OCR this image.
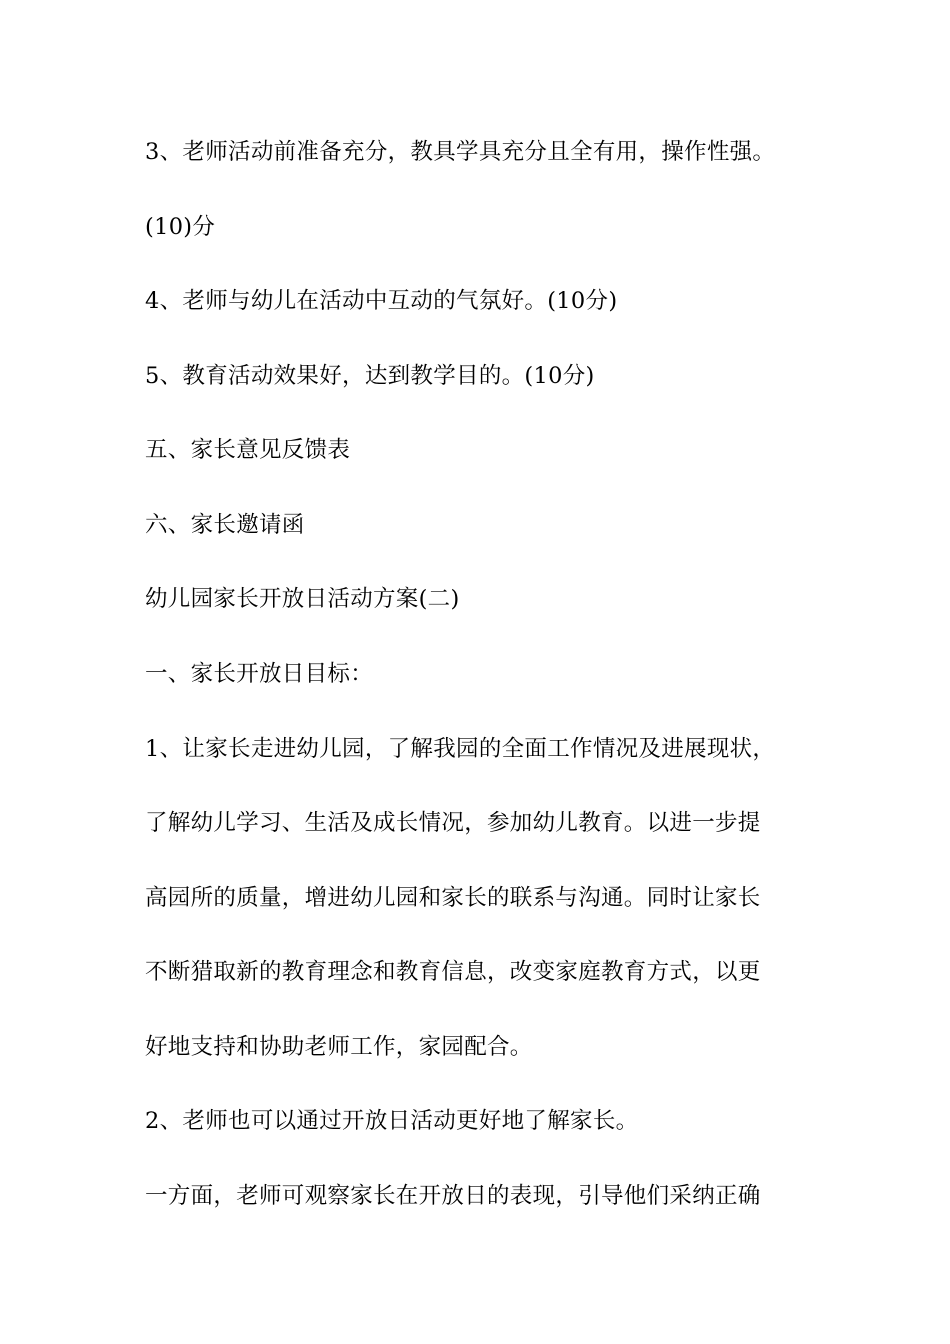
3、老师活动前准备充分，教具学具充分且全有用，操作性强。
(10)分
4、老师与幼儿在活动中互动的气氛好。(10分)
5、教育活动效果好，达到教学目的。(10分)
五、家长意见反馈表
六、家长邀请函
幼儿园家长开放日活动方案(二)
一、家长开放日目标：
1、让家长走进幼儿园，了解我园的全面工作情况及进展现状，
了解幼儿学习、生活及成长情况，参加幼儿教育。以进一步提
高园所的质量，增进幼儿园和家长的联系与沟通。同时让家长
不断猎取新的教育理念和教育信息，改变家庭教育方式，以更
好地支持和协助老师工作，家园配合。
2、老师也可以通过开放日活动更好地了解家长。
一方面，老师可观察家长在开放日的表现，引导他们采纳正确
